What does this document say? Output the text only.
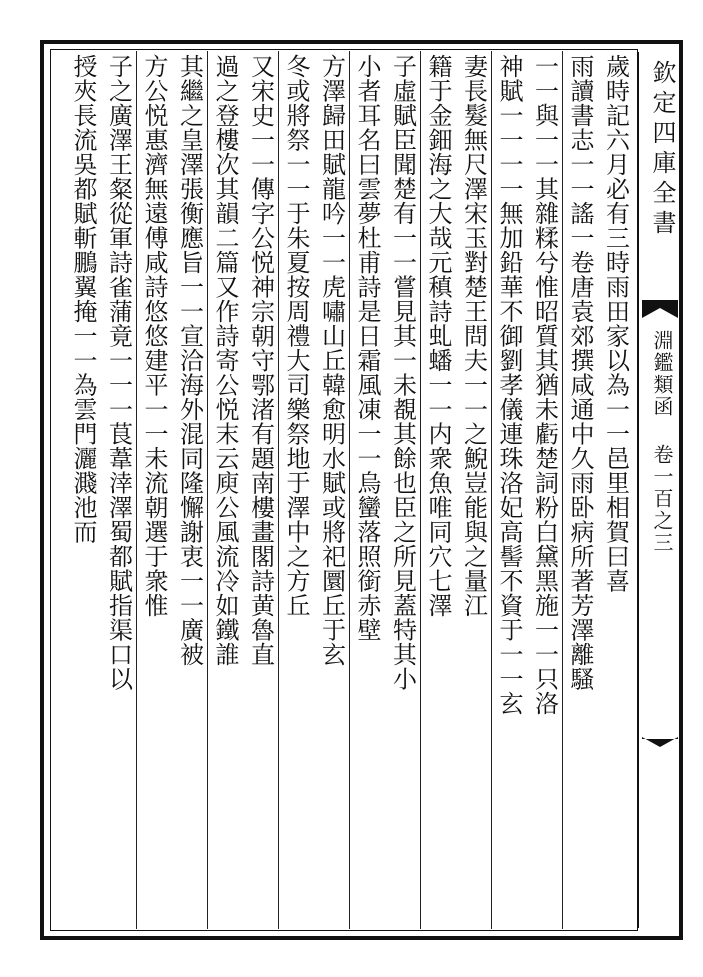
欽定四庫全書
淵鑑類函 卷一百之三
歲時記六月必有三時雨田家以為一一邑里相賀曰喜
雨讀書志一一謠一卷唐袁郊撰咸通中久雨卧病所著芳澤離騷
一一與一一其雜糅兮惟昭質其猶未虧楚詞粉白黛黑施一一只洛
神賦一一一一無加鉛華不御劉孝儀連珠洛妃高髻不資于一一玄
妻長髮無尺澤宋玉對楚王問夫一一之鯢豈能與之量江
籍于金鈿海之大哉元稹詩虬蟠一一内衆魚唯同穴七澤
子虛賦臣聞楚有一一嘗見其一未覩其餘也臣之所見蓋特其小
小者耳名曰雲夢杜甫詩是日霜風凍一一烏蠻落照銜赤壁
方澤歸田賦龍吟一一虎嘯山丘韓愈明水賦或將祀圜丘于玄
冬或將祭一一于朱夏按周禮大司樂祭地于澤中之方丘
又宋史一一傳字公悦神宗朝守鄂渚有題南樓畫閣詩黄魯直
過之登樓次其韻二篇又作詩寄公悦末云庾公風流冷如鐵誰
其繼之皇澤張衡應旨一一宣洽海外混同隆懈謝衷一一廣被
方公悦惠濟無遠傅咸詩悠悠建平一一未流朝選于衆惟
子之廣澤王粲從軍詩雀蒲竟一一一茛葦涬澤蜀都賦指渠口以
授夾長流吳都賦斬鵬翼掩一一為雲門灑濺池而
